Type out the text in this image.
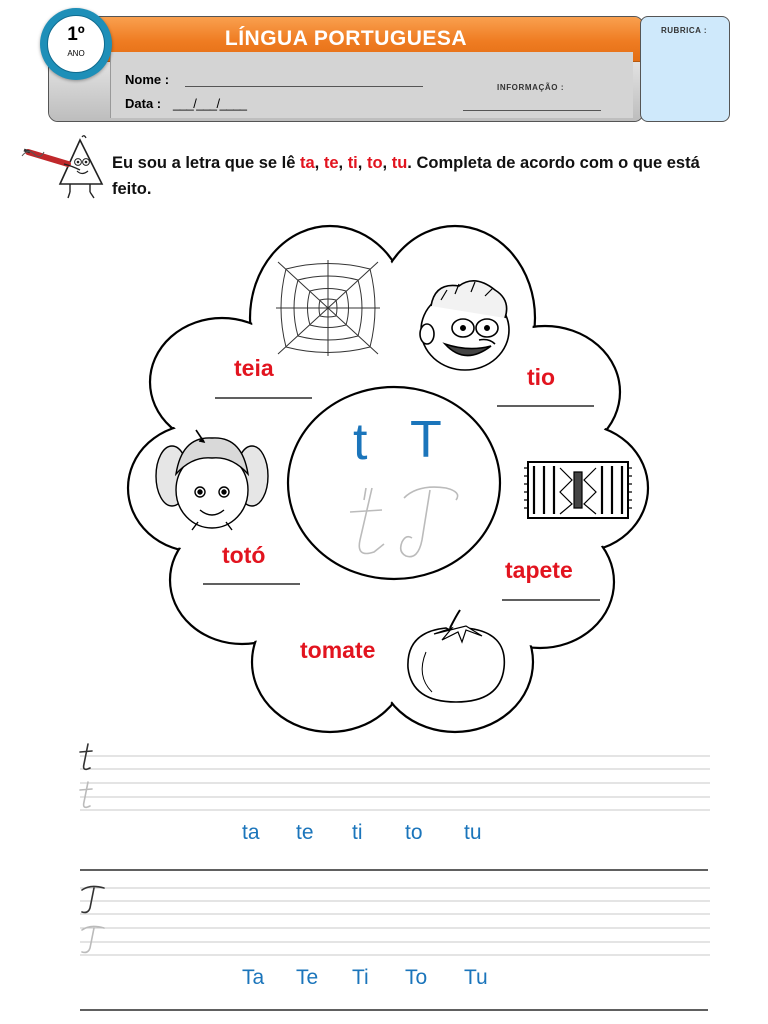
LÍNGUA PORTUGUESA
Nome :
Data : ___/___/____
INFORMAÇÃO :
1º
ANO
RUBRICA :
Eu sou a letra que se lê ta, te, ti, to, tu. Completa de acordo com o que está feito.
teia	tio
tapete
tomate
totó
t T
ta te ti to tu
Ta Te Ti To Tu
